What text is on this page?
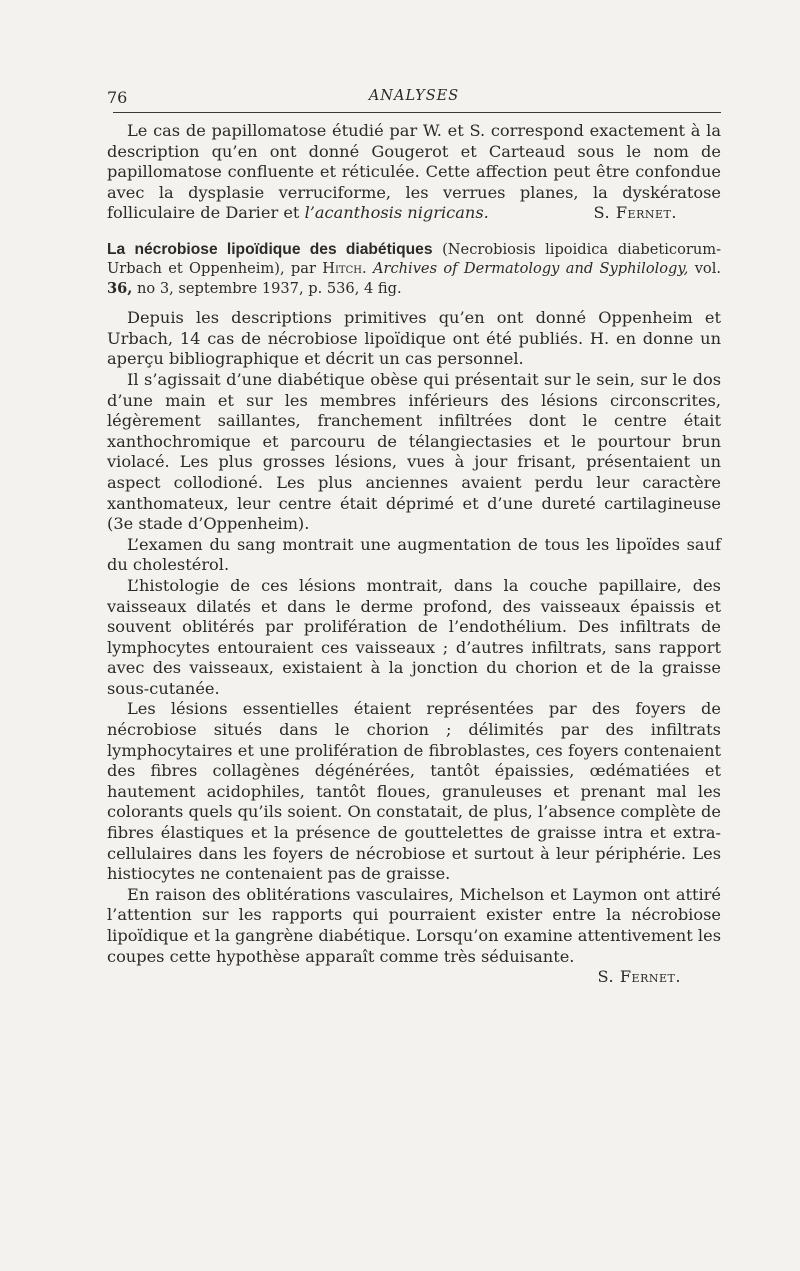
76	ANALYSES

Le cas de papillomatose étudié par W. et S. correspond exactement à la description qu’en ont donné Gougerot et Carteaud sous le nom de papillomatose confluente et réticulée. Cette affection peut être confondue avec la dysplasie verruciforme, les verrues planes, la dyskératose folliculaire de Darier et l’acanthosis nigricans.	S. Fernet.

La nécrobiose lipoïdique des diabétiques (Necrobiosis lipoidica diabeticorum-Urbach et Oppenheim), par Hitch. Archives of Dermatology and Syphilology, vol. 36, no 3, septembre 1937, p. 536, 4 fig.

Depuis les descriptions primitives qu’en ont donné Oppenheim et Urbach, 14 cas de nécrobiose lipoïdique ont été publiés. H. en donne un aperçu bibliographique et décrit un cas personnel.

Il s’agissait d’une diabétique obèse qui présentait sur le sein, sur le dos d’une main et sur les membres inférieurs des lésions circonscrites, légèrement saillantes, franchement infiltrées dont le centre était xanthochromique et parcouru de télangiectasies et le pourtour brun violacé. Les plus grosses lésions, vues à jour frisant, présentaient un aspect collodioné. Les plus anciennes avaient perdu leur caractère xanthomateux, leur centre était déprimé et d’une dureté cartilagineuse (3e stade d’Oppenheim).

L’examen du sang montrait une augmentation de tous les lipoïdes sauf du cholestérol.

L’histologie de ces lésions montrait, dans la couche papillaire, des vaisseaux dilatés et dans le derme profond, des vaisseaux épaissis et souvent oblitérés par prolifération de l’endothélium. Des infiltrats de lymphocytes entouraient ces vaisseaux ; d’autres infiltrats, sans rapport avec des vaisseaux, existaient à la jonction du chorion et de la graisse sous-cutanée.

Les lésions essentielles étaient représentées par des foyers de nécrobiose situés dans le chorion ; délimités par des infiltrats lymphocytaires et une prolifération de fibroblastes, ces foyers contenaient des fibres collagènes dégénérées, tantôt épaissies, œdématiées et hautement acidophiles, tantôt floues, granuleuses et prenant mal les colorants quels qu’ils soient. On constatait, de plus, l’absence complète de fibres élastiques et la présence de gouttelettes de graisse intra et extra-cellulaires dans les foyers de nécrobiose et surtout à leur périphérie. Les histiocytes ne contenaient pas de graisse.

En raison des oblitérations vasculaires, Michelson et Laymon ont attiré l’attention sur les rapports qui pourraient exister entre la nécrobiose lipoïdique et la gangrène diabétique. Lorsqu’on examine attentivement les coupes cette hypothèse apparaît comme très séduisante.

S. Fernet.
